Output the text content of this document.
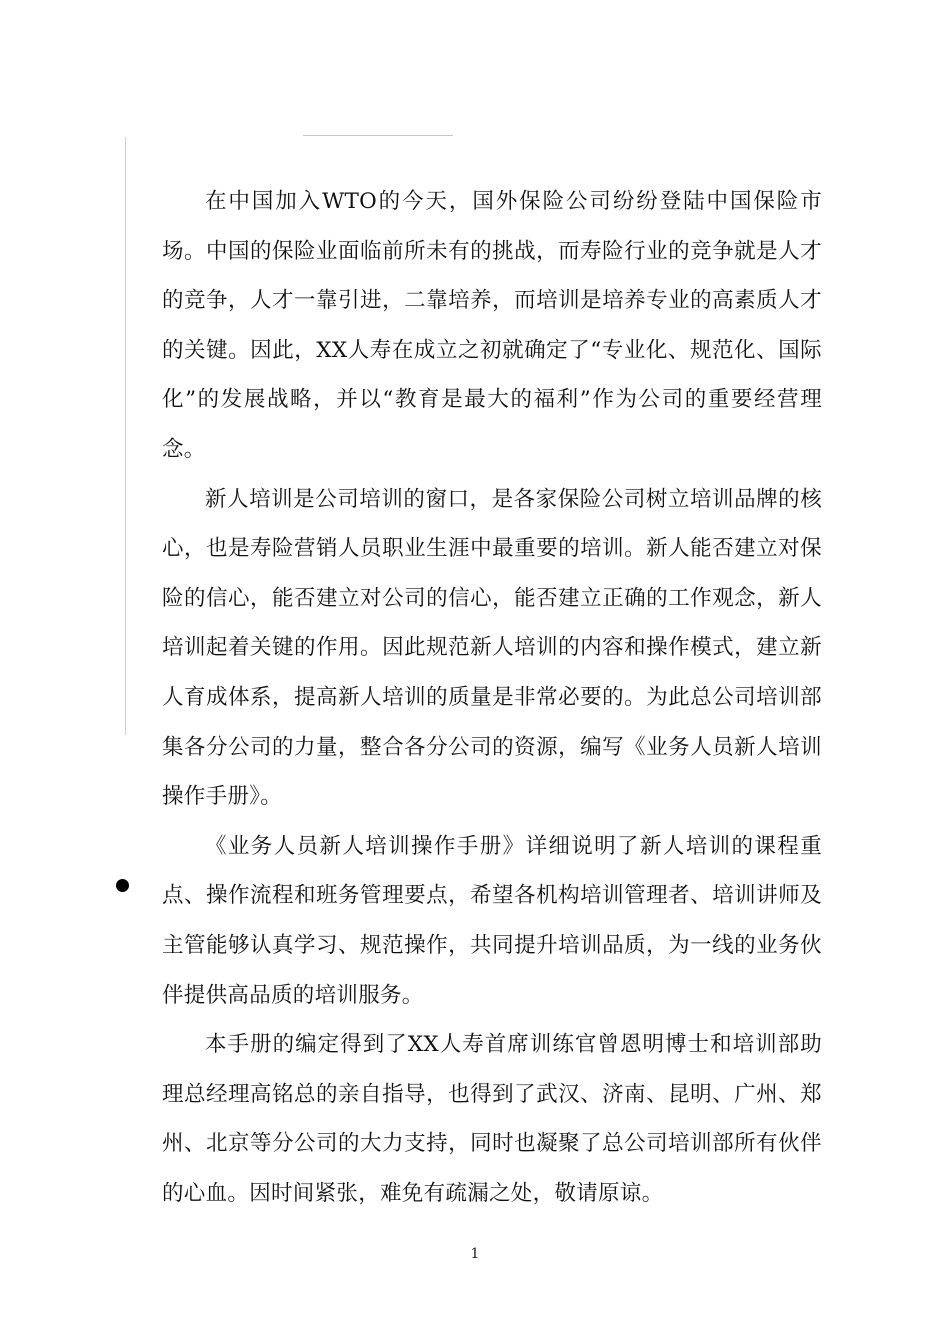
在中国加入WTO的今天，国外保险公司纷纷登陆中国保险市场。中国的保险业面临前所未有的挑战，而寿险行业的竞争就是人才的竞争，人才一靠引进，二靠培养，而培训是培养专业的高素质人才的关键。因此，XX人寿在成立之初就确定了“专业化、规范化、国际化”的发展战略，并以“教育是最大的福利”作为公司的重要经营理念。

新人培训是公司培训的窗口，是各家保险公司树立培训品牌的核心，也是寿险营销人员职业生涯中最重要的培训。新人能否建立对保险的信心，能否建立对公司的信心，能否建立正确的工作观念，新人培训起着关键的作用。因此规范新人培训的内容和操作模式，建立新人育成体系，提高新人培训的质量是非常必要的。为此总公司培训部集各分公司的力量，整合各分公司的资源，编写《业务人员新人培训操作手册》。

《业务人员新人培训操作手册》详细说明了新人培训的课程重点、操作流程和班务管理要点，希望各机构培训管理者、培训讲师及主管能够认真学习、规范操作，共同提升培训品质，为一线的业务伙伴提供高品质的培训服务。

本手册的编定得到了XX人寿首席训练官曾恩明博士和培训部助理总经理高铭总的亲自指导，也得到了武汉、济南、昆明、广州、郑州、北京等分公司的大力支持，同时也凝聚了总公司培训部所有伙伴的心血。因时间紧张，难免有疏漏之处，敬请原谅。

1
